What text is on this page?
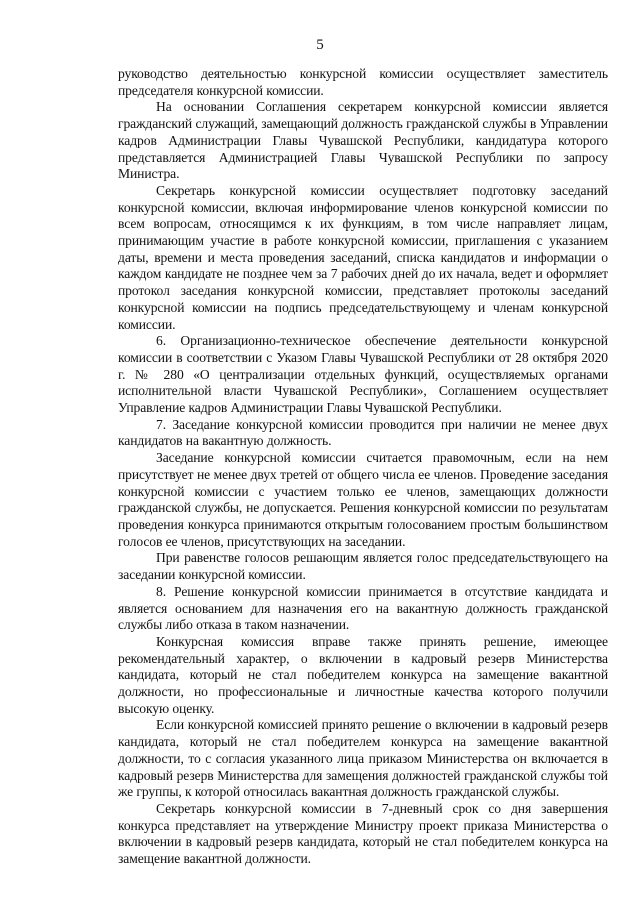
5

руководство деятельностью конкурсной комиссии осуществляет заместитель председателя конкурсной комиссии.

На основании Соглашения секретарем конкурсной комиссии является гражданский служащий, замещающий должность гражданской службы в Управлении кадров Администрации Главы Чувашской Республики, кандидатура которого представляется Администрацией Главы Чувашской Республики по запросу Министра.

Секретарь конкурсной комиссии осуществляет подготовку заседаний конкурсной комиссии, включая информирование членов конкурсной комиссии по всем вопросам, относящимся к их функциям, в том числе направляет лицам, принимающим участие в работе конкурсной комиссии, приглашения с указанием даты, времени и места проведения заседаний, списка кандидатов и информации о каждом кандидате не позднее чем за 7 рабочих дней до их начала, ведет и оформляет протокол заседания конкурсной комиссии, представляет протоколы заседаний конкурсной комиссии на подпись председательствующему и членам конкурсной комиссии.

6. Организационно-техническое обеспечение деятельности конкурсной комиссии в соответствии с Указом Главы Чувашской Республики от 28 октября 2020 г. № 280 «О централизации отдельных функций, осуществляемых органами исполнительной власти Чувашской Республики», Соглашением осуществляет Управление кадров Администрации Главы Чувашской Республики.

7. Заседание конкурсной комиссии проводится при наличии не менее двух кандидатов на вакантную должность.

Заседание конкурсной комиссии считается правомочным, если на нем присутствует не менее двух третей от общего числа ее членов. Проведение заседания конкурсной комиссии с участием только ее членов, замещающих должности гражданской службы, не допускается. Решения конкурсной комиссии по результатам проведения конкурса принимаются открытым голосованием простым большинством голосов ее членов, присутствующих на заседании.

При равенстве голосов решающим является голос председательствующего на заседании конкурсной комиссии.

8. Решение конкурсной комиссии принимается в отсутствие кандидата и является основанием для назначения его на вакантную должность гражданской службы либо отказа в таком назначении.

Конкурсная комиссия вправе также принять решение, имеющее рекомендательный характер, о включении в кадровый резерв Министерства кандидата, который не стал победителем конкурса на замещение вакантной должности, но профессиональные и личностные качества которого получили высокую оценку.

Если конкурсной комиссией принято решение о включении в кадровый резерв кандидата, который не стал победителем конкурса на замещение вакантной должности, то с согласия указанного лица приказом Министерства он включается в кадровый резерв Министерства для замещения должностей гражданской службы той же группы, к которой относилась вакантная должность гражданской службы.

Секретарь конкурсной комиссии в 7-дневный срок со дня завершения конкурса представляет на утверждение Министру проект приказа Министерства о включении в кадровый резерв кандидата, который не стал победителем конкурса на замещение вакантной должности.
